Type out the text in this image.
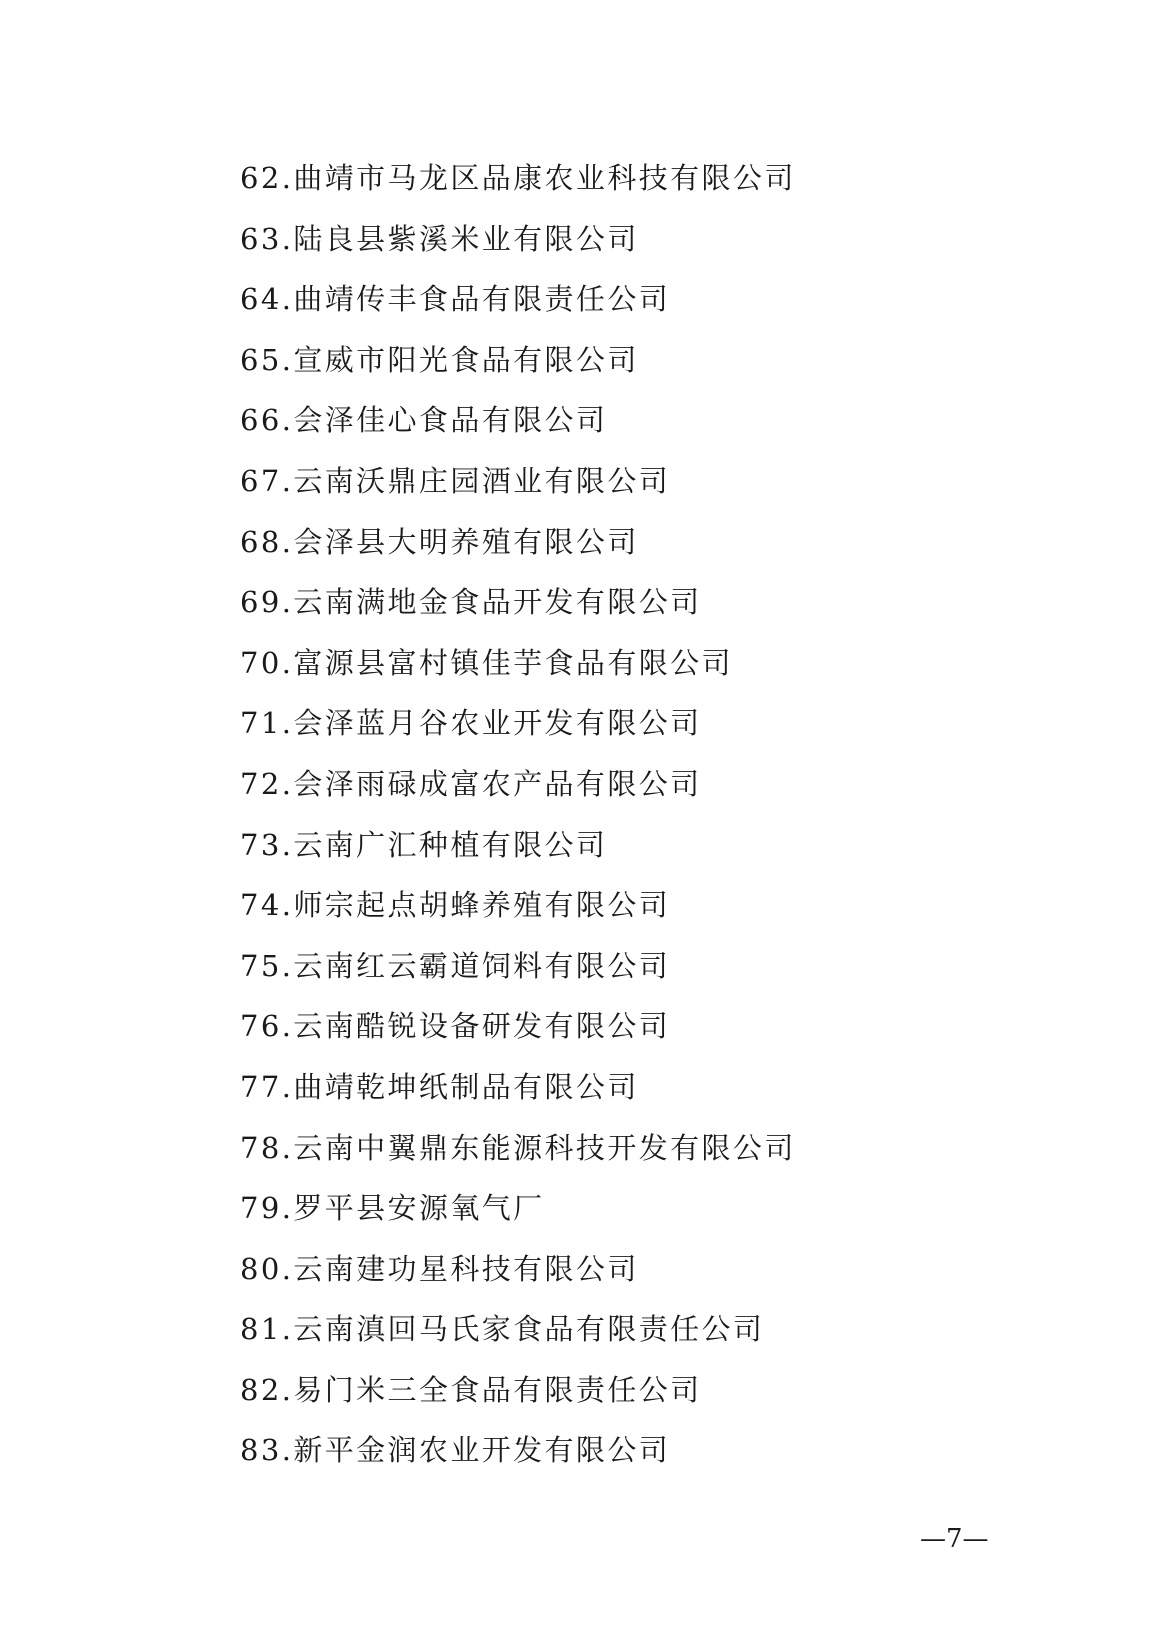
62.曲靖市马龙区品康农业科技有限公司
63.陆良县紫溪米业有限公司
64.曲靖传丰食品有限责任公司
65.宣威市阳光食品有限公司
66.会泽佳心食品有限公司
67.云南沃鼎庄园酒业有限公司
68.会泽县大明养殖有限公司
69.云南满地金食品开发有限公司
70.富源县富村镇佳芋食品有限公司
71.会泽蓝月谷农业开发有限公司
72.会泽雨碌成富农产品有限公司
73.云南广汇种植有限公司
74.师宗起点胡蜂养殖有限公司
75.云南红云霸道饲料有限公司
76.云南酷锐设备研发有限公司
77.曲靖乾坤纸制品有限公司
78.云南中翼鼎东能源科技开发有限公司
79.罗平县安源氧气厂
80.云南建功星科技有限公司
81.云南滇回马氏家食品有限责任公司
82.易门米三全食品有限责任公司
83.新平金润农业开发有限公司
—7—
